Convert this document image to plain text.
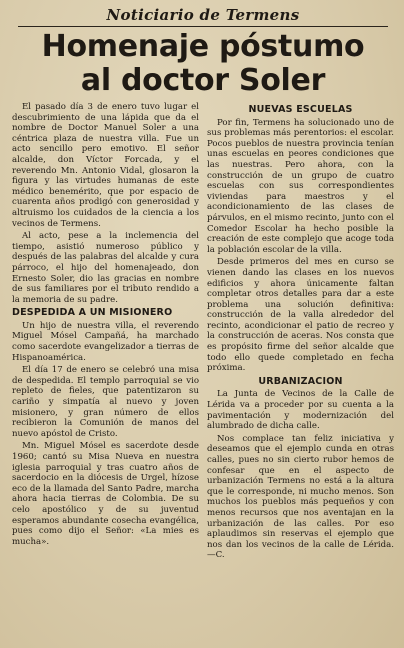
Noticiario de Termens
Homenaje póstumo
al doctor Soler

El pasado día 3 de enero tuvo lugar el descubrimiento de una lápida que da el nombre de Doctor Manuel Soler a una céntrica plaza de nuestra villa. Fue un acto sencillo pero emotivo. El señor alcalde, don Víctor Forcada, y el reverendo Mn. Antonio Vidal, glosaron la figura y las virtudes humanas de este médico benemérito, que por espacio de cuarenta años prodigó con generosidad y altruismo los cuidados de la ciencia a los vecinos de Termens.

Al acto, pese a la inclemencia del tiempo, asistió numeroso público y después de las palabras del alcalde y cura párroco, el hijo del homenajeado, don Ernesto Soler, dio las gracias en nombre de sus familiares por el tributo rendido a la memoria de su padre.

DESPEDIDA A UN MISIONERO

Un hijo de nuestra villa, el reverendo Miguel Mósel Campañá, ha marchado como sacerdote evangelizador a tierras de Hispanoamérica.

El día 17 de enero se celebró una misa de despedida. El templo parroquial se vio repleto de fieles, que patentizaron su cariño y simpatía al nuevo y joven misionero, y gran número de ellos recibieron la Comunión de manos del nuevo apóstol de Cristo.

Mn. Miguel Mósel es sacerdote desde 1960; cantó su Misa Nueva en nuestra iglesia parroquial y tras cuatro años de sacerdocio en la diócesis de Urgel, hízose eco de la llamada del Santo Padre, marcha ahora hacia tierras de Colombia. De su celo apostólico y de su juventud esperamos abundante cosecha evangélica, pues como dijo el Señor: «La mies es mucha».

NUEVAS ESCUELAS

Por fin, Termens ha solucionado uno de sus problemas más perentorios: el escolar. Pocos pueblos de nuestra provincia tenían unas escuelas en peores condiciones que las nuestras. Pero ahora, con la construcción de un grupo de cuatro escuelas con sus correspondientes viviendas para maestros y el acondicionamiento de las clases de párvulos, en el mismo recinto, junto con el Comedor Escolar ha hecho posible la creación de este complejo que acoge toda la población escolar de la villa.

Desde primeros del mes en curso se vienen dando las clases en los nuevos edificios y ahora únicamente faltan completar otros detalles para dar a este problema una solución definitiva: construcción de la valla alrededor del recinto, acondicionar el patio de recreo y la construcción de aceras. Nos consta que es propósito firme del señor alcalde que todo ello quede completado en fecha próxima.

URBANIZACION

La Junta de Vecinos de la Calle de Lérida va a proceder por su cuenta a la pavimentación y modernización del alumbrado de dicha calle.

Nos complace tan feliz iniciativa y deseamos que el ejemplo cunda en otras calles, pues no sin cierto rubor hemos de confesar que en el aspecto de urbanización Termens no está a la altura que le corresponde, ni mucho menos. Son muchos los pueblos más pequeños y con menos recursos que nos aventajan en la urbanización de las calles. Por eso aplaudimos sin reservas el ejemplo que nos dan los vecinos de la calle de Lérida.—C.
